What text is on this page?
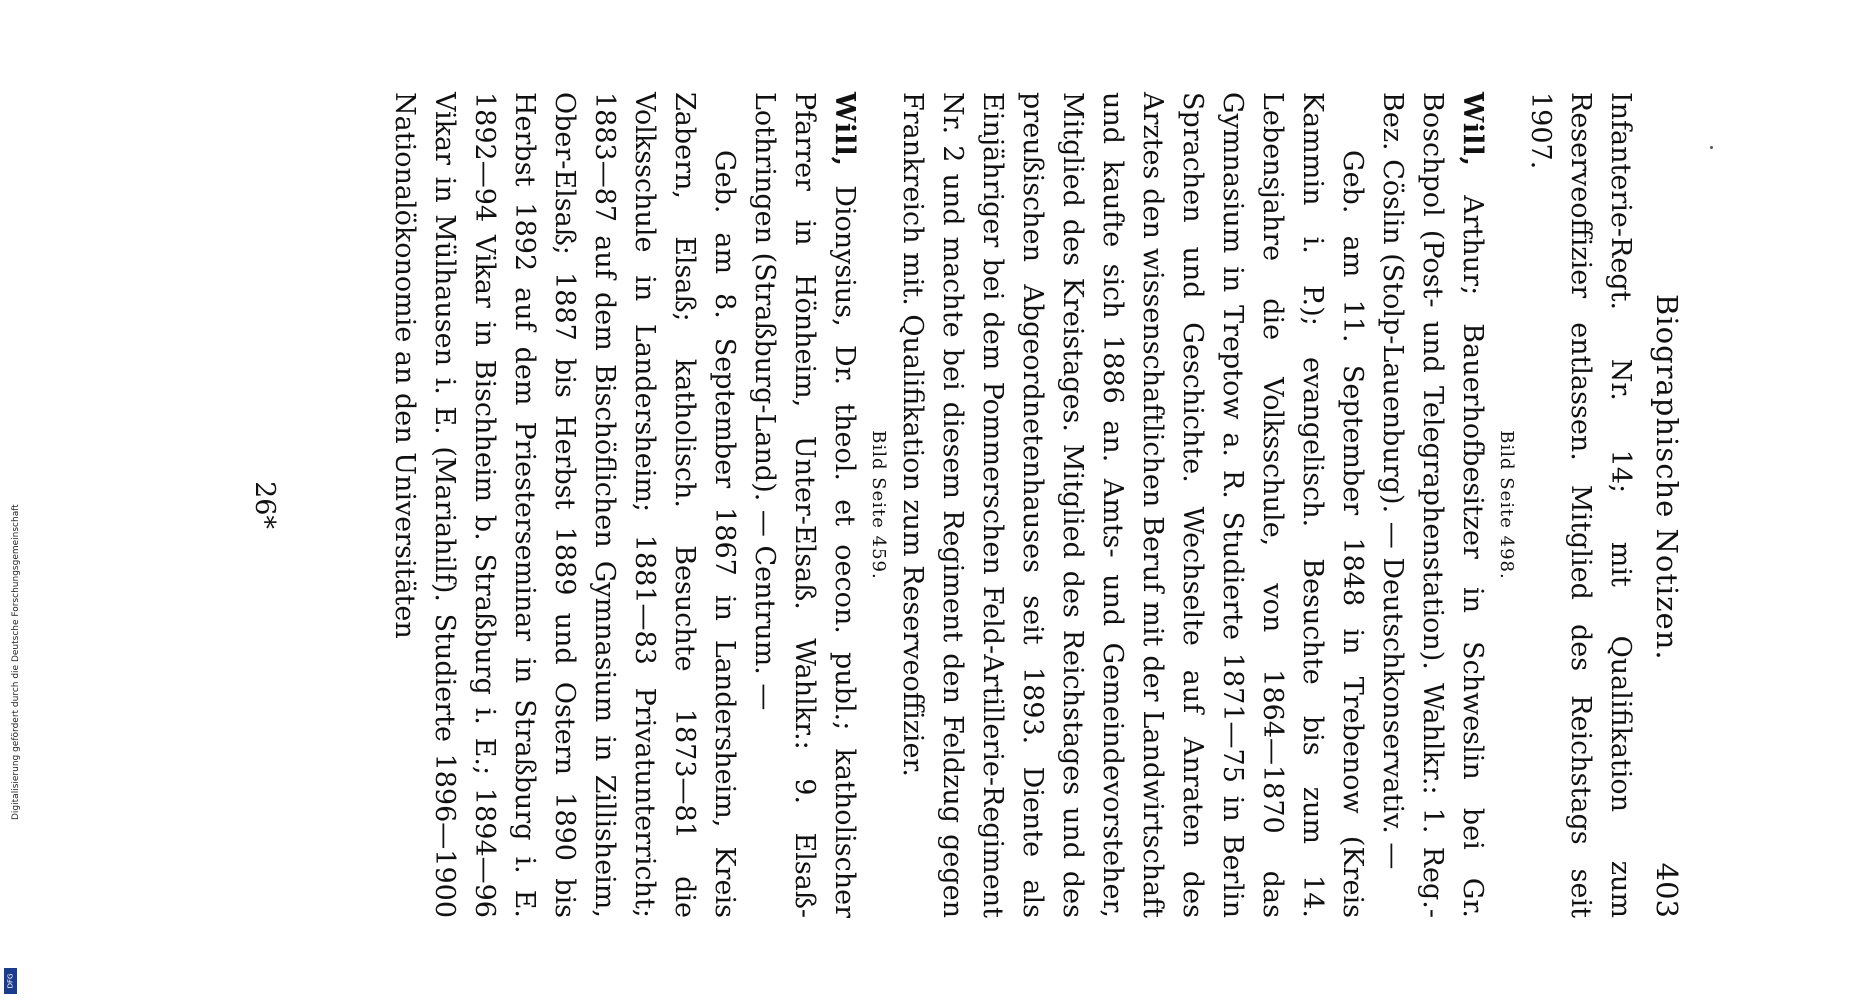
Digitalisierung gefördert durch die Deutsche Forschungsgemeinschaft
DFG
Biographische Notizen.
403

Infanterie-Regt. Nr. 14; mit Qualifikation zum Reserveoffizier entlassen. Mitglied des Reichstags seit 1907.

Bild Seite 498.

Will, Arthur; Bauerhofbesitzer in Schweslin bei Gr. Boschpol (Post- und Telegraphenstation). Wahlkr.: 1. Reg.-Bez. Cöslin (Stolp-Lauenburg). — Deutschkonservativ. —

Geb. am 11. September 1848 in Trebenow (Kreis Kammin i. P.); evangelisch. Besuchte bis zum 14. Lebensjahre die Volksschule, von 1864—1870 das Gymnasium in Treptow a. R. Studierte 1871—75 in Berlin Sprachen und Geschichte. Wechselte auf Anraten des Arztes den wissenschaftlichen Beruf mit der Landwirtschaft und kaufte sich 1886 an. Amts- und Gemeindevorsteher, Mitglied des Kreistages. Mitglied des Reichstages und des preußischen Abgeordnetenhauses seit 1893. Diente als Einjähriger bei dem Pommerschen Feld-Artillerie-Regiment Nr. 2 und machte bei diesem Regiment den Feldzug gegen Frankreich mit. Qualifikation zum Reserveoffizier.

Bild Seite 459.

Will, Dionysius, Dr. theol. et oecon. publ.; katholischer Pfarrer in Hönheim, Unter-Elsaß. Wahlkr.: 9. Elsaß-Lothringen (Straßburg-Land). — Centrum. —

Geb. am 8. September 1867 in Landersheim, Kreis Zabern, Elsaß; katholisch. Besuchte 1873—81 die Volksschule in Landersheim; 1881—83 Privatunterricht; 1883—87 auf dem Bischöflichen Gymnasium in Zillisheim, Ober-Elsaß; 1887 bis Herbst 1889 und Ostern 1890 bis Herbst 1892 auf dem Priesterseminar in Straßburg i. E. 1892—94 Vikar in Bischheim b. Straßburg i. E.; 1894—96 Vikar in Mülhausen i. E. (Mariahilf). Studierte 1896—1900 Nationalökonomie an den Universitäten

26*
